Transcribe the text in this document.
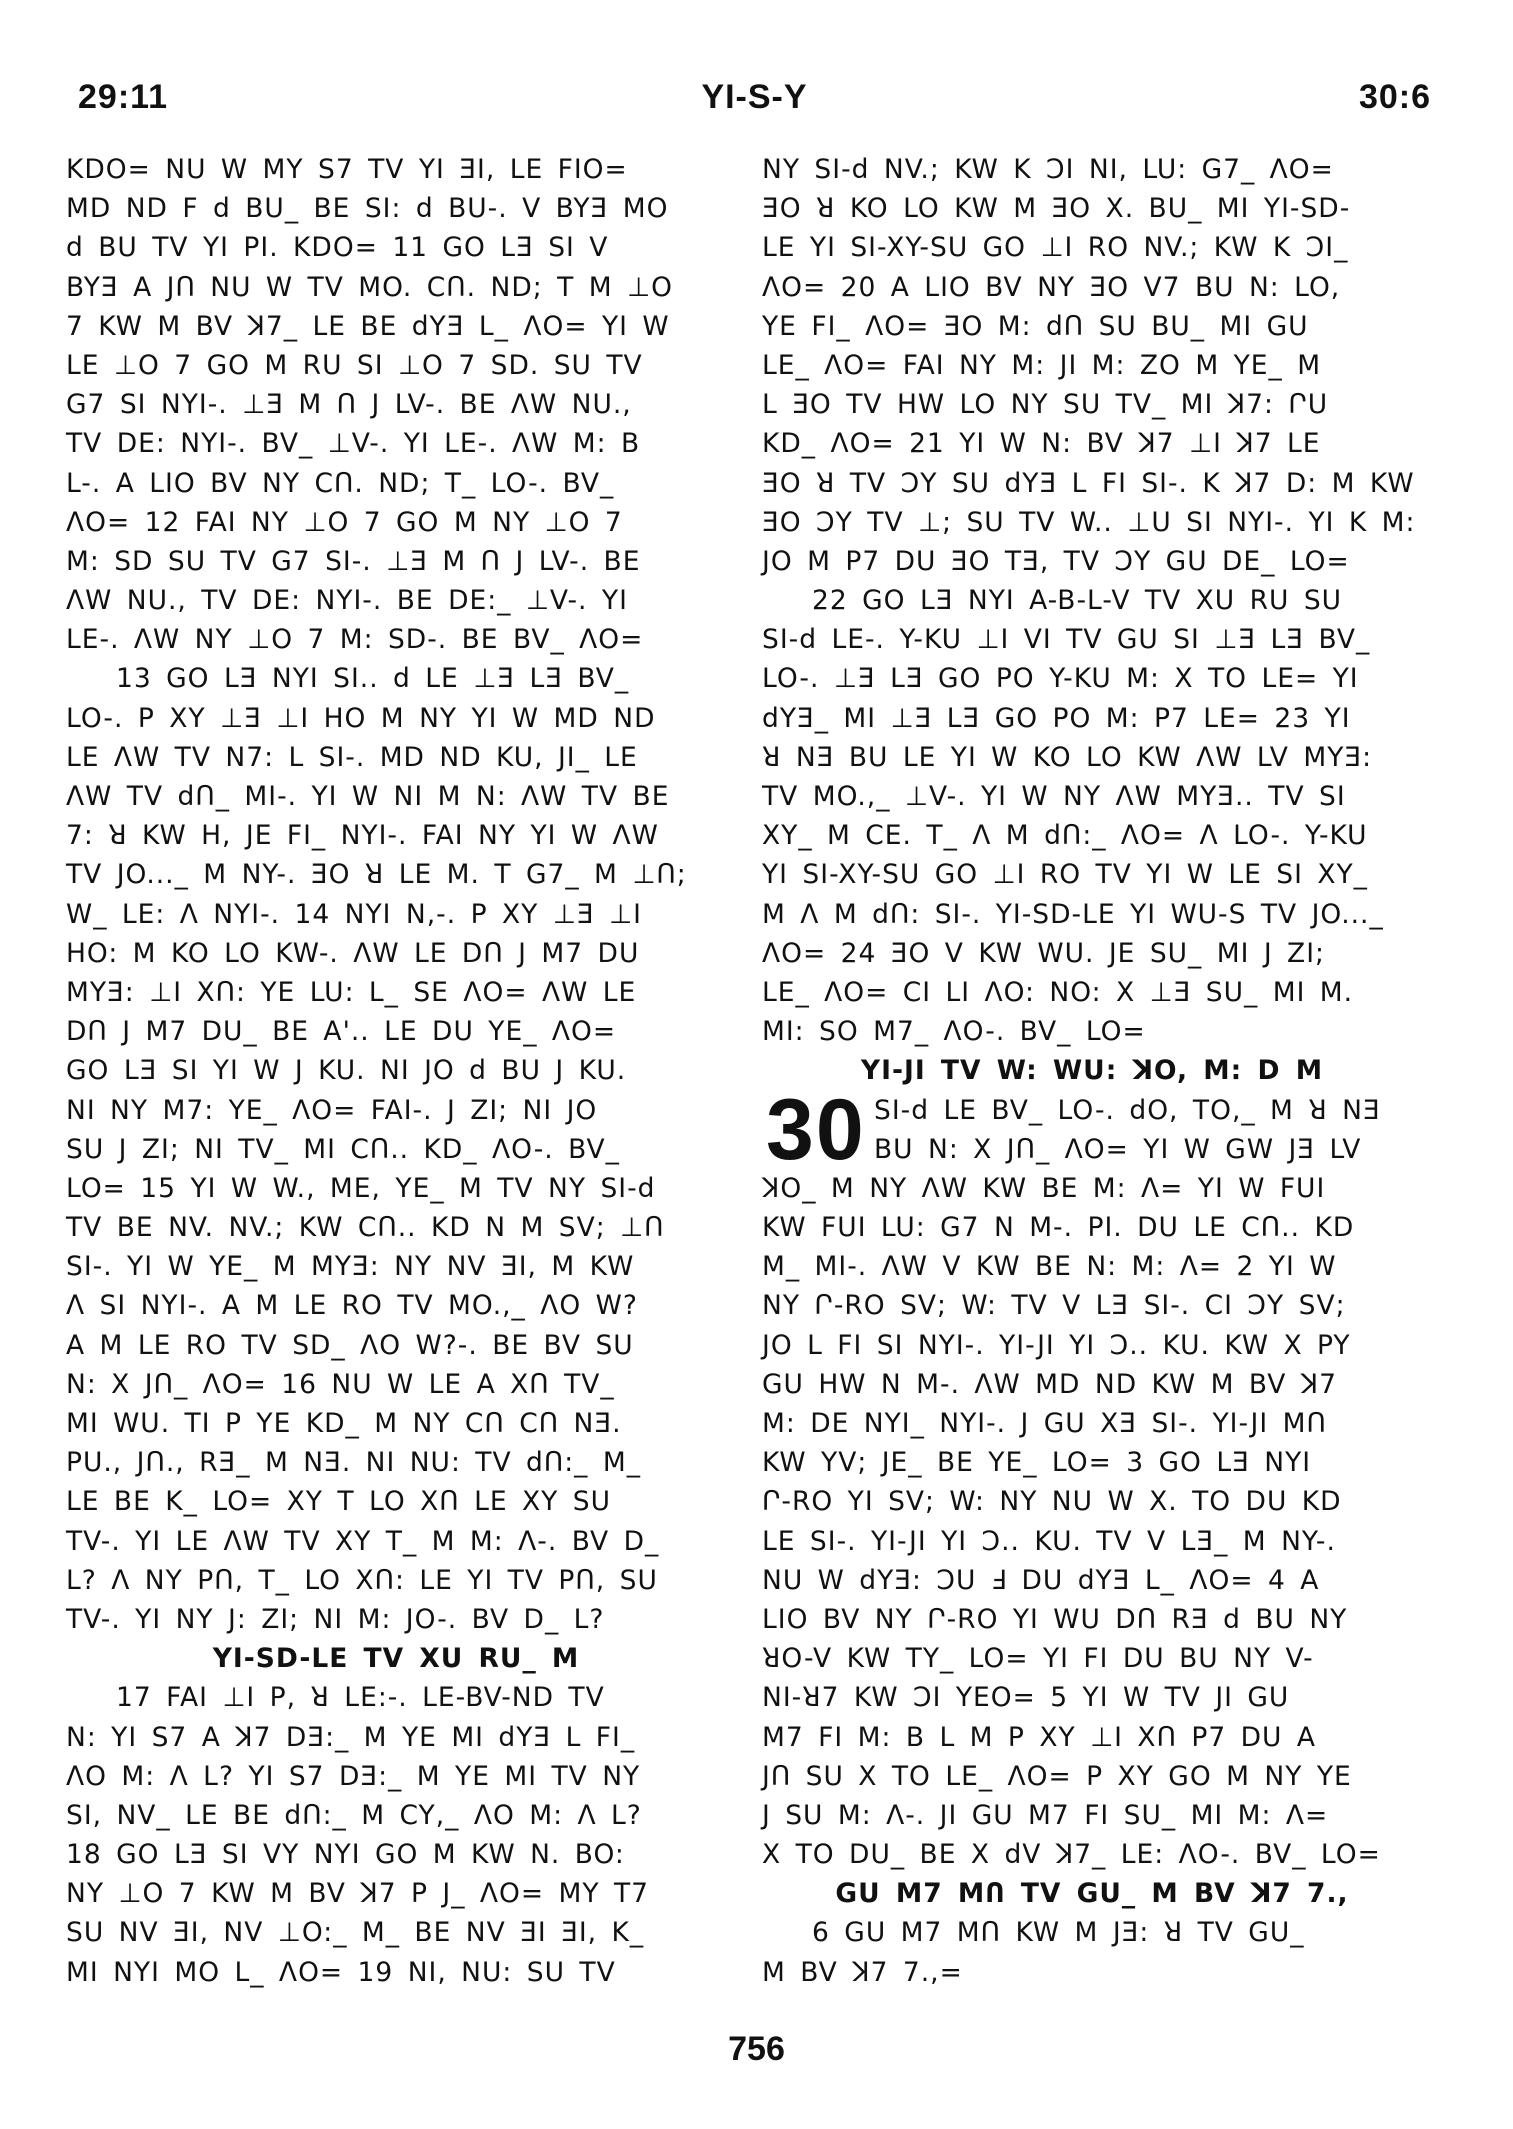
29:11	YI-S-Y	30:6
KDO= NU W MY S7 TV YI ƎI, LE FIO=
MD ND F d BU_ BE SI: d BU-. V BYƎ MO
d BU TV YI PI. KDO= 11 GO LƎ SI V
BYƎ A JՈ NU W TV MO. CՈ. ND; T M ⊥O
7 KW M BV ꓘ7_ LE BE dYƎ L_ ΛO= YI W
LE ⊥O 7 GO M RU SI ⊥O 7 SD. SU TV
G7 SI NYI-. ⊥Ǝ M Ո J LV-. BE ΛW NU.,
TV DE: NYI-. BV_ ⊥V-. YI LE-. ΛW M: B
L-. A LIO BV NY CՈ. ND; T_ LO-. BV_
ΛO= 12 FAI NY ⊥O 7 GO M NY ⊥O 7
M: SD SU TV G7 SI-. ⊥Ǝ M Ո J LV-. BE
ΛW NU., TV DE: NYI-. BE DE:_ ⊥V-. YI
LE-. ΛW NY ⊥O 7 M: SD-. BE BV_ ΛO=
13 GO LƎ NYI SI.. d LE ⊥Ǝ LƎ BV_
LO-. P XY ⊥Ǝ ⊥I HO M NY YI W MD ND
LE ΛW TV N7: L SI-. MD ND KU, JI_ LE
ΛW TV dՈ_ MI-. YI W NI M N: ΛW TV BE
7: ꓤ KW H, JE FI_ NYI-. FAI NY YI W ΛW
TV JO..._ M NY-. ƎO ꓤ LE M. T G7_ M ⊥Ո;
W_ LE: Λ NYI-. 14 NYI N,-. P XY ⊥Ǝ ⊥I
HO: M KO LO KW-. ΛW LE DՈ J M7 DU
MYƎ: ⊥I XՈ: YE LU: L_ SE ΛO= ΛW LE
DՈ J M7 DU_ BE A'.. LE DU YE_ ΛO=
GO LƎ SI YI W J KU. NI JO d BU J KU.
NI NY M7: YE_ ΛO= FAI-. J ZI; NI JO
SU J ZI; NI TV_ MI CՈ.. KD_ ΛO-. BV_
LO= 15 YI W W., ME, YE_ M TV NY SI-d
TV BE NV. NV.; KW CՈ.. KD N M SV; ⊥Ո
SI-. YI W YE_ M MYƎ: NY NV ƎI, M KW
Λ SI NYI-. A M LE RO TV MO.,_ ΛO W?
A M LE RO TV SD_ ΛO W?-. BE BV SU
N: X JՈ_ ΛO= 16 NU W LE A XՈ TV_
MI WU. TI P YE KD_ M NY CՈ CՈ NƎ.
PU., JՈ., RƎ_ M NƎ. NI NU: TV dՈ:_ M_
LE BE K_ LO= XY T LO XՈ LE XY SU
TV-. YI LE ΛW TV XY T_ M M: Λ-. BV D_
L? Λ NY PՈ, T_ LO XՈ: LE YI TV PՈ, SU
TV-. YI NY J: ZI; NI M: JO-. BV D_ L?
YI-SD-LE TV XU RU_ M
17 FAI ⊥I P, ꓤ LE:-. LE-BV-ND TV
N: YI S7 A ꓘ7 DƎ:_ M YE MI dYƎ L FI_
ΛO M: Λ L? YI S7 DƎ:_ M YE MI TV NY
SI, NV_ LE BE dՈ:_ M CY,_ ΛO M: Λ L?
18 GO LƎ SI VY NYI GO M KW N. BO:
NY ⊥O 7 KW M BV ꓘ7 P J_ ΛO= MY T7
SU NV ƎI, NV ⊥O:_ M_ BE NV ƎI ƎI, K_
MI NYI MO L_ ΛO= 19 NI, NU: SU TV
NY SI-d NV.; KW K ƆI NI, LU: G7_ ΛO=
ƎO ꓤ KO LO KW M ƎO X. BU_ MI YI-SD-
LE YI SI-XY-SU GO ⊥I RO NV.; KW K ƆI_
ΛO= 20 A LIO BV NY ƎO V7 BU N: LO,
YE FI_ ΛO= ƎO M: dՈ SU BU_ MI GU
LE_ ΛO= FAI NY M: JI M: ZO M YE_ M
L ƎO TV HW LO NY SU TV_ MI ꓘ7: ՐU
KD_ ΛO= 21 YI W N: BV ꓘ7 ⊥I ꓘ7 LE
ƎO ꓤ TV ƆY SU dYƎ L FI SI-. K ꓘ7 D: M KW
ƎO ƆY TV ⊥; SU TV W.. ⊥U SI NYI-. YI K M:
JO M P7 DU ƎO TƎ, TV ƆY GU DE_ LO=
22 GO LƎ NYI A-B-L-V TV XU RU SU
SI-d LE-. Y-KU ⊥I VI TV GU SI ⊥Ǝ LƎ BV_
LO-. ⊥Ǝ LƎ GO PO Y-KU M: X TO LE= YI
dYƎ_ MI ⊥Ǝ LƎ GO PO M: P7 LE= 23 YI
ꓤ NƎ BU LE YI W KO LO KW ΛW LV MYƎ:
TV MO.,_ ⊥V-. YI W NY ΛW MYƎ.. TV SI
XY_ M CE. T_ Λ M dՈ:_ ΛO= Λ LO-. Y-KU
YI SI-XY-SU GO ⊥I RO TV YI W LE SI XY_
M Λ M dՈ: SI-. YI-SD-LE YI WU-S TV JO..._
ΛO= 24 ƎO V KW WU. JE SU_ MI J ZI;
LE_ ΛO= CI LI ΛO: NO: X ⊥Ǝ SU_ MI M.
MI: SO M7_ ΛO-. BV_ LO=
YI-JI TV W: WU: ꓘO, M: D M
30 SI-d LE BV_ LO-. dO, TO,_ M ꓤ NƎ
BU N: X JՈ_ ΛO= YI W GW JƎ LV
ꓘO_ M NY ΛW KW BE M: Λ= YI W FUI
KW FUI LU: G7 N M-. PI. DU LE CՈ.. KD
M_ MI-. ΛW V KW BE N: M: Λ= 2 YI W
NY Ր-RO SV; W: TV V LƎ SI-. CI ƆY SV;
JO L FI SI NYI-. YI-JI YI Ɔ.. KU. KW X PY
GU HW N M-. ΛW MD ND KW M BV ꓘ7
M: DE NYI_ NYI-. J GU XƎ SI-. YI-JI MՈ
KW YV; JE_ BE YE_ LO= 3 GO LƎ NYI
Ր-RO YI SV; W: NY NU W X. TO DU KD
LE SI-. YI-JI YI Ɔ.. KU. TV V LƎ_ M NY-.
NU W dYƎ: ƆU Ⅎ DU dYƎ L_ ΛO= 4 A
LIO BV NY Ր-RO YI WU DՈ RƎ d BU NY
ꓤO-V KW TY_ LO= YI FI DU BU NY V-
NI-ꓤ7 KW ƆI YEO= 5 YI W TV JI GU
M7 FI M: B L M P XY ⊥I XՈ P7 DU A
JՈ SU X TO LE_ ΛO= P XY GO M NY YE
J SU M: Λ-. JI GU M7 FI SU_ MI M: Λ=
X TO DU_ BE X dV ꓘ7_ LE: ΛO-. BV_ LO=
GU M7 MՈ TV GU_ M BV ꓘ7 7.,
6 GU M7 MՈ KW M JƎ: ꓤ TV GU_
M BV ꓘ7 7.,=
756
